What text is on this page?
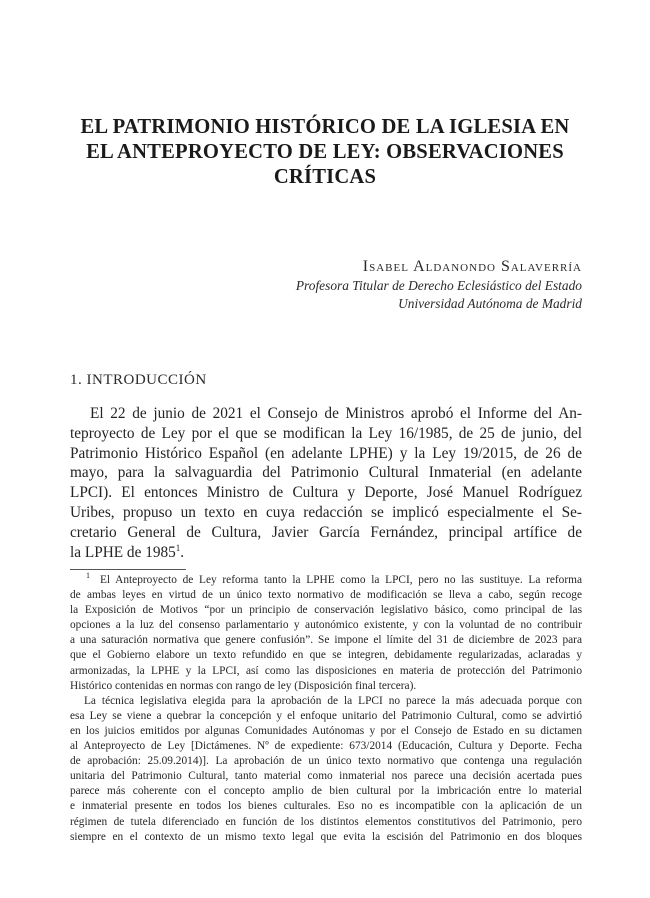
EL PATRIMONIO HISTÓRICO DE LA IGLESIA EN
EL ANTEPROYECTO DE LEY: OBSERVACIONES
CRÍTICAS
Isabel Aldanondo Salaverría
Profesora Titular de Derecho Eclesiástico del Estado
Universidad Autónoma de Madrid
1. INTRODUCCIÓN
El 22 de junio de 2021 el Consejo de Ministros aprobó el Informe del An-
teproyecto de Ley por el que se modifican la Ley 16/1985, de 25 de junio, del
Patrimonio Histórico Español (en adelante LPHE) y la Ley 19/2015, de 26 de
mayo, para la salvaguardia del Patrimonio Cultural Inmaterial (en adelante
LPCI). El entonces Ministro de Cultura y Deporte, José Manuel Rodríguez
Uribes, propuso un texto en cuya redacción se implicó especialmente el Se-
cretario General de Cultura, Javier García Fernández, principal artífice de
la LPHE de 1985$^1$.
$^1$ El Anteproyecto de Ley reforma tanto la LPHE como la LPCI, pero no las sustituye. La reforma
de ambas leyes en virtud de un único texto normativo de modificación se lleva a cabo, según recoge
la Exposición de Motivos “por un principio de conservación legislativo básico, como principal de las
opciones a la luz del consenso parlamentario y autonómico existente, y con la voluntad de no contribuir
a una saturación normativa que genere confusión”. Se impone el límite del 31 de diciembre de 2023 para
que el Gobierno elabore un texto refundido en que se integren, debidamente regularizadas, aclaradas y
armonizadas, la LPHE y la LPCI, así como las disposiciones en materia de protección del Patrimonio
Histórico contenidas en normas con rango de ley (Disposición final tercera).
La técnica legislativa elegida para la aprobación de la LPCI no parece la más adecuada porque con
esa Ley se viene a quebrar la concepción y el enfoque unitario del Patrimonio Cultural, como se advirtió
en los juicios emitidos por algunas Comunidades Autónomas y por el Consejo de Estado en su dictamen
al Anteproyecto de Ley [Dictámenes. Nº de expediente: 673/2014 (Educación, Cultura y Deporte. Fecha
de aprobación: 25.09.2014)]. La aprobación de un único texto normativo que contenga una regulación
unitaria del Patrimonio Cultural, tanto material como inmaterial nos parece una decisión acertada pues
parece más coherente con el concepto amplio de bien cultural por la imbricación entre lo material
e inmaterial presente en todos los bienes culturales. Eso no es incompatible con la aplicación de un
régimen de tutela diferenciado en función de los distintos elementos constitutivos del Patrimonio, pero
siempre en el contexto de un mismo texto legal que evita la escisión del Patrimonio en dos bloques
